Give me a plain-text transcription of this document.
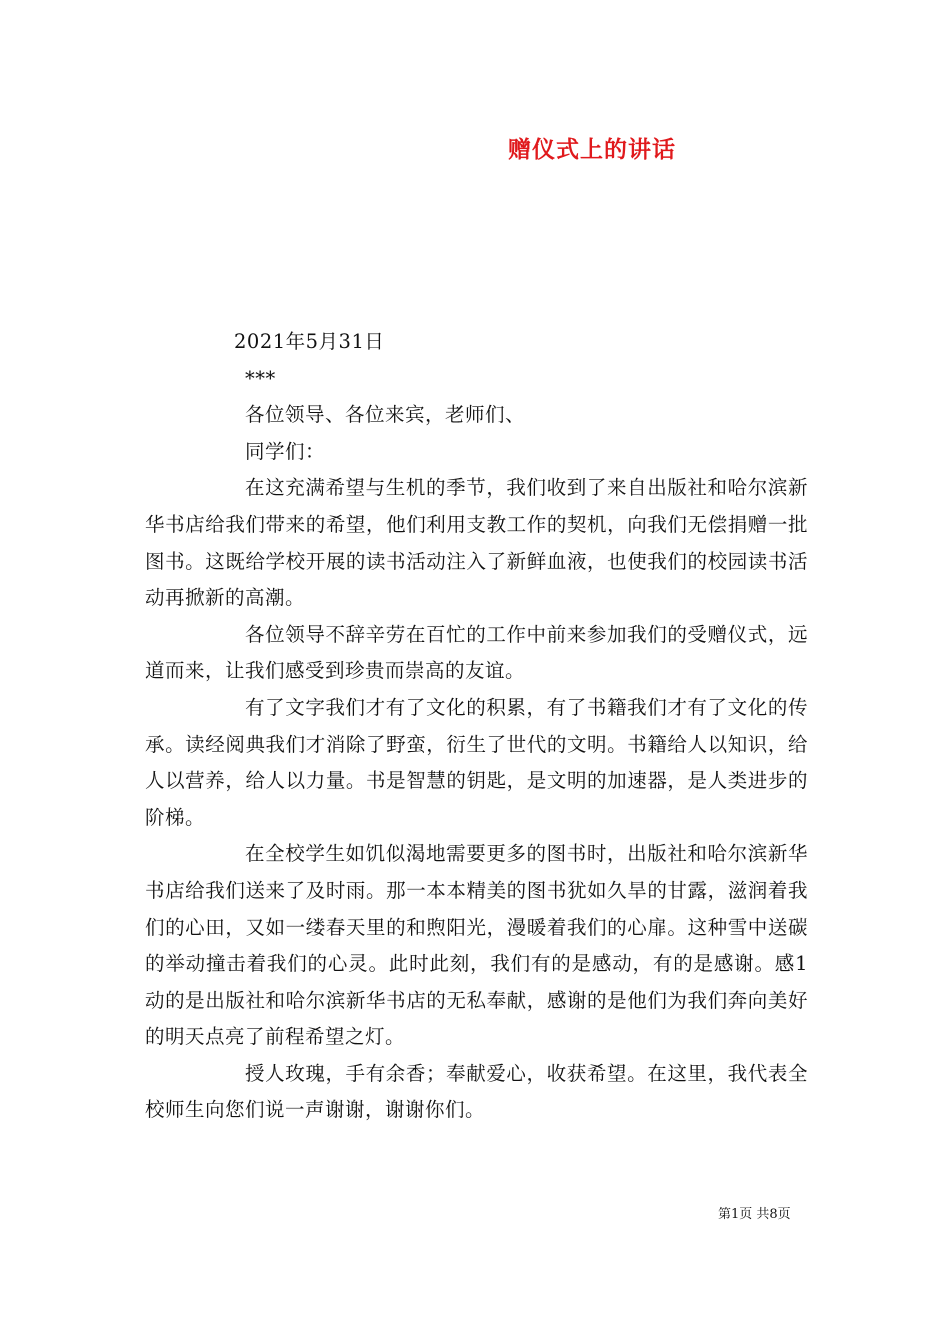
赠仪式上的讲话

2021年5月31日

***

各位领导、各位来宾，老师们、

同学们：

在这充满希望与生机的季节，我们收到了来自出版社和哈尔滨新华书店给我们带来的希望，他们利用支教工作的契机，向我们无偿捐赠一批图书。这既给学校开展的读书活动注入了新鲜血液，也使我们的校园读书活动再掀新的高潮。

各位领导不辞辛劳在百忙的工作中前来参加我们的受赠仪式，远道而来，让我们感受到珍贵而崇高的友谊。

有了文字我们才有了文化的积累，有了书籍我们才有了文化的传承。读经阅典我们才消除了野蛮，衍生了世代的文明。书籍给人以知识，给人以营养，给人以力量。书是智慧的钥匙，是文明的加速器，是人类进步的阶梯。

在全校学生如饥似渴地需要更多的图书时，出版社和哈尔滨新华书店给我们送来了及时雨。那一本本精美的图书犹如久旱的甘露，滋润着我们的心田，又如一缕春天里的和煦阳光，漫暖着我们的心扉。这种雪中送碳的举动撞击着我们的心灵。此时此刻，我们有的是感动，有的是感谢。感1动的是出版社和哈尔滨新华书店的无私奉献，感谢的是他们为我们奔向美好的明天点亮了前程希望之灯。

授人玫瑰，手有余香；奉献爱心，收获希望。在这里，我代表全校师生向您们说一声谢谢，谢谢你们。

第1页 共8页
